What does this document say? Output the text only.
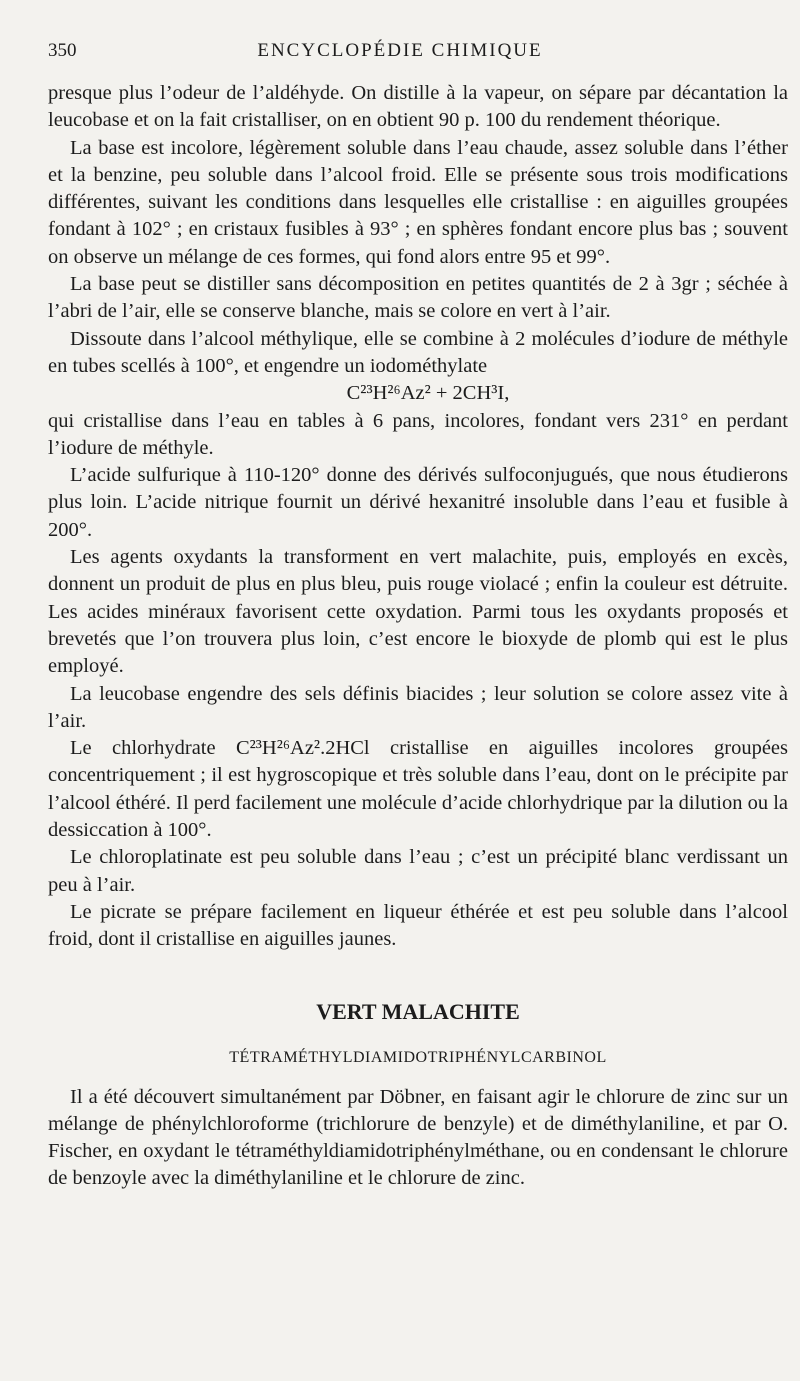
350	ENCYCLOPÉDIE CHIMIQUE

presque plus l’odeur de l’aldéhyde. On distille à la vapeur, on sépare par décantation la leucobase et on la fait cristalliser, on en obtient 90 p. 100 du rendement théorique.

La base est incolore, légèrement soluble dans l’eau chaude, assez soluble dans l’éther et la benzine, peu soluble dans l’alcool froid. Elle se présente sous trois modifications différentes, suivant les conditions dans lesquelles elle cristallise : en aiguilles groupées fondant à 102° ; en cristaux fusibles à 93° ; en sphères fondant encore plus bas ; souvent on observe un mélange de ces formes, qui fond alors entre 95 et 99°.

La base peut se distiller sans décomposition en petites quantités de 2 à 3gr ; séchée à l’abri de l’air, elle se conserve blanche, mais se colore en vert à l’air.

Dissoute dans l’alcool méthylique, elle se combine à 2 molécules d’iodure de méthyle en tubes scellés à 100°, et engendre un iodométhylate

C²³H²⁶Az² + 2CH³I,

qui cristallise dans l’eau en tables à 6 pans, incolores, fondant vers 231° en perdant l’iodure de méthyle.

L’acide sulfurique à 110-120° donne des dérivés sulfoconjugués, que nous étudierons plus loin. L’acide nitrique fournit un dérivé hexanitré insoluble dans l’eau et fusible à 200°.

Les agents oxydants la transforment en vert malachite, puis, employés en excès, donnent un produit de plus en plus bleu, puis rouge violacé ; enfin la couleur est détruite. Les acides minéraux favorisent cette oxydation. Parmi tous les oxydants proposés et brevetés que l’on trouvera plus loin, c’est encore le bioxyde de plomb qui est le plus employé.

La leucobase engendre des sels définis biacides ; leur solution se colore assez vite à l’air.

Le chlorhydrate C²³H²⁶Az².2HCl cristallise en aiguilles incolores groupées concentriquement ; il est hygroscopique et très soluble dans l’eau, dont on le précipite par l’alcool éthéré. Il perd facilement une molécule d’acide chlorhydrique par la dilution ou la dessiccation à 100°.

Le chloroplatinate est peu soluble dans l’eau ; c’est un précipité blanc verdissant un peu à l’air.

Le picrate se prépare facilement en liqueur éthérée et est peu soluble dans l’alcool froid, dont il cristallise en aiguilles jaunes.

VERT MALACHITE

TÉTRAMÉTHYLDIAMIDOTRIPHÉNYLCARBINOL

Il a été découvert simultanément par Döbner, en faisant agir le chlorure de zinc sur un mélange de phénylchloroforme (trichlorure de benzyle) et de diméthylaniline, et par O. Fischer, en oxydant le tétraméthyldiamidotriphénylméthane, ou en condensant le chlorure de benzoyle avec la diméthylaniline et le chlorure de zinc.
